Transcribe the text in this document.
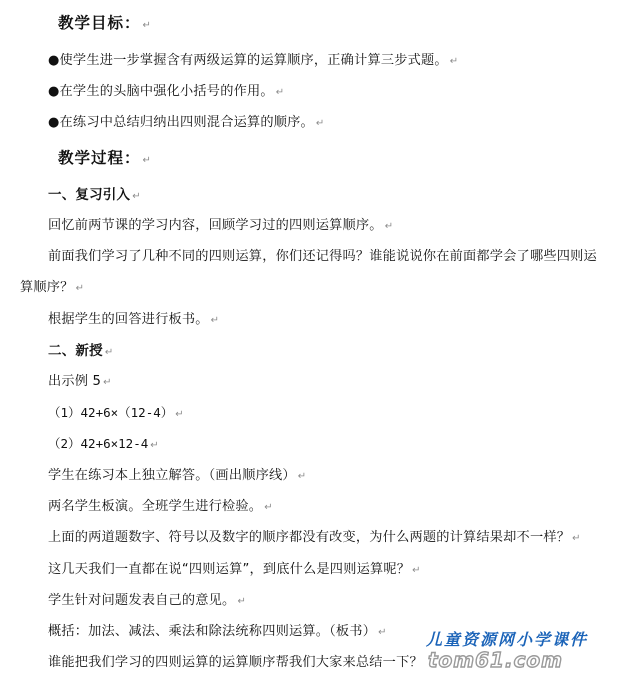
教学目标： ↵
●使学生进一步掌握含有两级运算的运算顺序，正确计算三步式题。 ↵
●在学生的头脑中强化小括号的作用。 ↵
●在练习中总结归纳出四则混合运算的顺序。 ↵
教学过程： ↵
一、复习引入 ↵
回忆前两节课的学习内容，回顾学习过的四则运算顺序。 ↵
前面我们学习了几种不同的四则运算，你们还记得吗？谁能说说你在前面都学会了哪些四则运
算顺序？ ↵
根据学生的回答进行板书。 ↵
二、新授 ↵
出示例 5 ↵
（1）42+6×（12-4） ↵
（2）42+6×12-4 ↵
学生在练习本上独立解答。（画出顺序线） ↵
两名学生板演。全班学生进行检验。 ↵
上面的两道题数字、符号以及数字的顺序都没有改变，为什么两题的计算结果却不一样？ ↵
这几天我们一直都在说“四则运算”，到底什么是四则运算呢？ ↵
学生针对问题发表自己的意见。 ↵
概括：加法、减法、乘法和除法统称四则运算。（板书） ↵
谁能把我们学习的四则运算的运算顺序帮我们大家来总结一下？
儿童资源网小学课件
tom61.com
